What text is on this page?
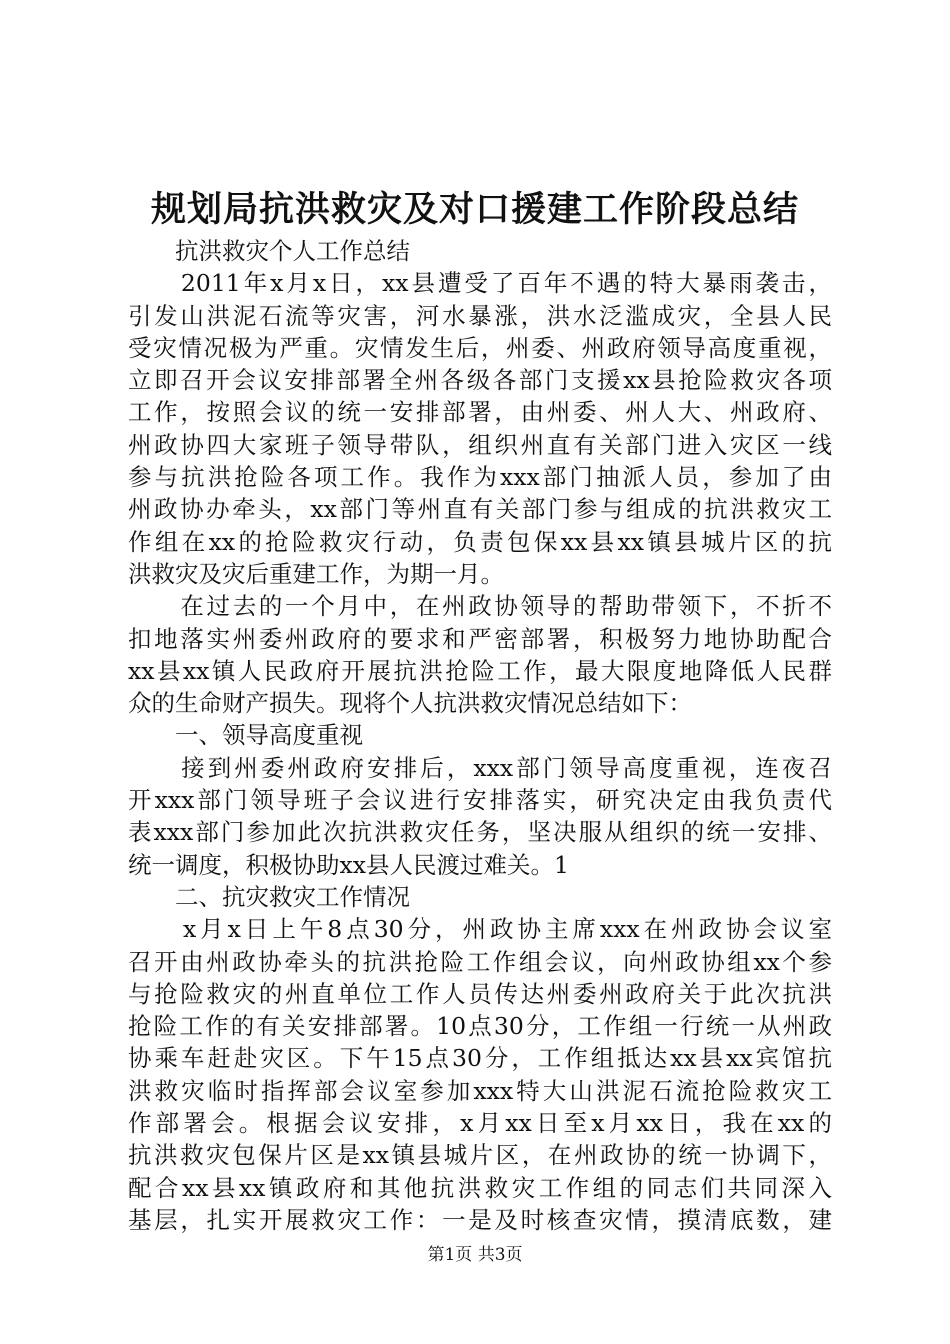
规划局抗洪救灾及对口援建工作阶段总结
　　抗洪救灾个人工作总结
　　2011年x月x日，xx县遭受了百年不遇的特大暴雨袭击，
引发山洪泥石流等灾害，河水暴涨，洪水泛滥成灾，全县人民
受灾情况极为严重。灾情发生后，州委、州政府领导高度重视，
立即召开会议安排部署全州各级各部门支援xx县抢险救灾各项
工作，按照会议的统一安排部署，由州委、州人大、州政府、
州政协四大家班子领导带队，组织州直有关部门进入灾区一线
参与抗洪抢险各项工作。我作为xxx部门抽派人员，参加了由
州政协办牵头，xx部门等州直有关部门参与组成的抗洪救灾工
作组在xx的抢险救灾行动，负责包保xx县xx镇县城片区的抗
洪救灾及灾后重建工作，为期一月。
　　在过去的一个月中，在州政协领导的帮助带领下，不折不
扣地落实州委州政府的要求和严密部署，积极努力地协助配合
xx县xx镇人民政府开展抗洪抢险工作，最大限度地降低人民群
众的生命财产损失。现将个人抗洪救灾情况总结如下：
　　一、领导高度重视
　　接到州委州政府安排后，xxx部门领导高度重视，连夜召
开xxx部门领导班子会议进行安排落实，研究决定由我负责代
表xxx部门参加此次抗洪救灾任务，坚决服从组织的统一安排、
统一调度，积极协助xx县人民渡过难关。1
　　二、抗灾救灾工作情况
　　x月x日上午8点30分，州政协主席xxx在州政协会议室
召开由州政协牵头的抗洪抢险工作组会议，向州政协组xx个参
与抢险救灾的州直单位工作人员传达州委州政府关于此次抗洪
抢险工作的有关安排部署。10点30分，工作组一行统一从州政
协乘车赶赴灾区。下午15点30分，工作组抵达xx县xx宾馆抗
洪救灾临时指挥部会议室参加xxx特大山洪泥石流抢险救灾工
作部署会。根据会议安排，x月xx日至x月xx日，我在xx的
抗洪救灾包保片区是xx镇县城片区，在州政协的统一协调下，
配合xx县xx镇政府和其他抗洪救灾工作组的同志们共同深入
基层，扎实开展救灾工作：一是及时核查灾情，摸清底数，建
第1页 共3页
